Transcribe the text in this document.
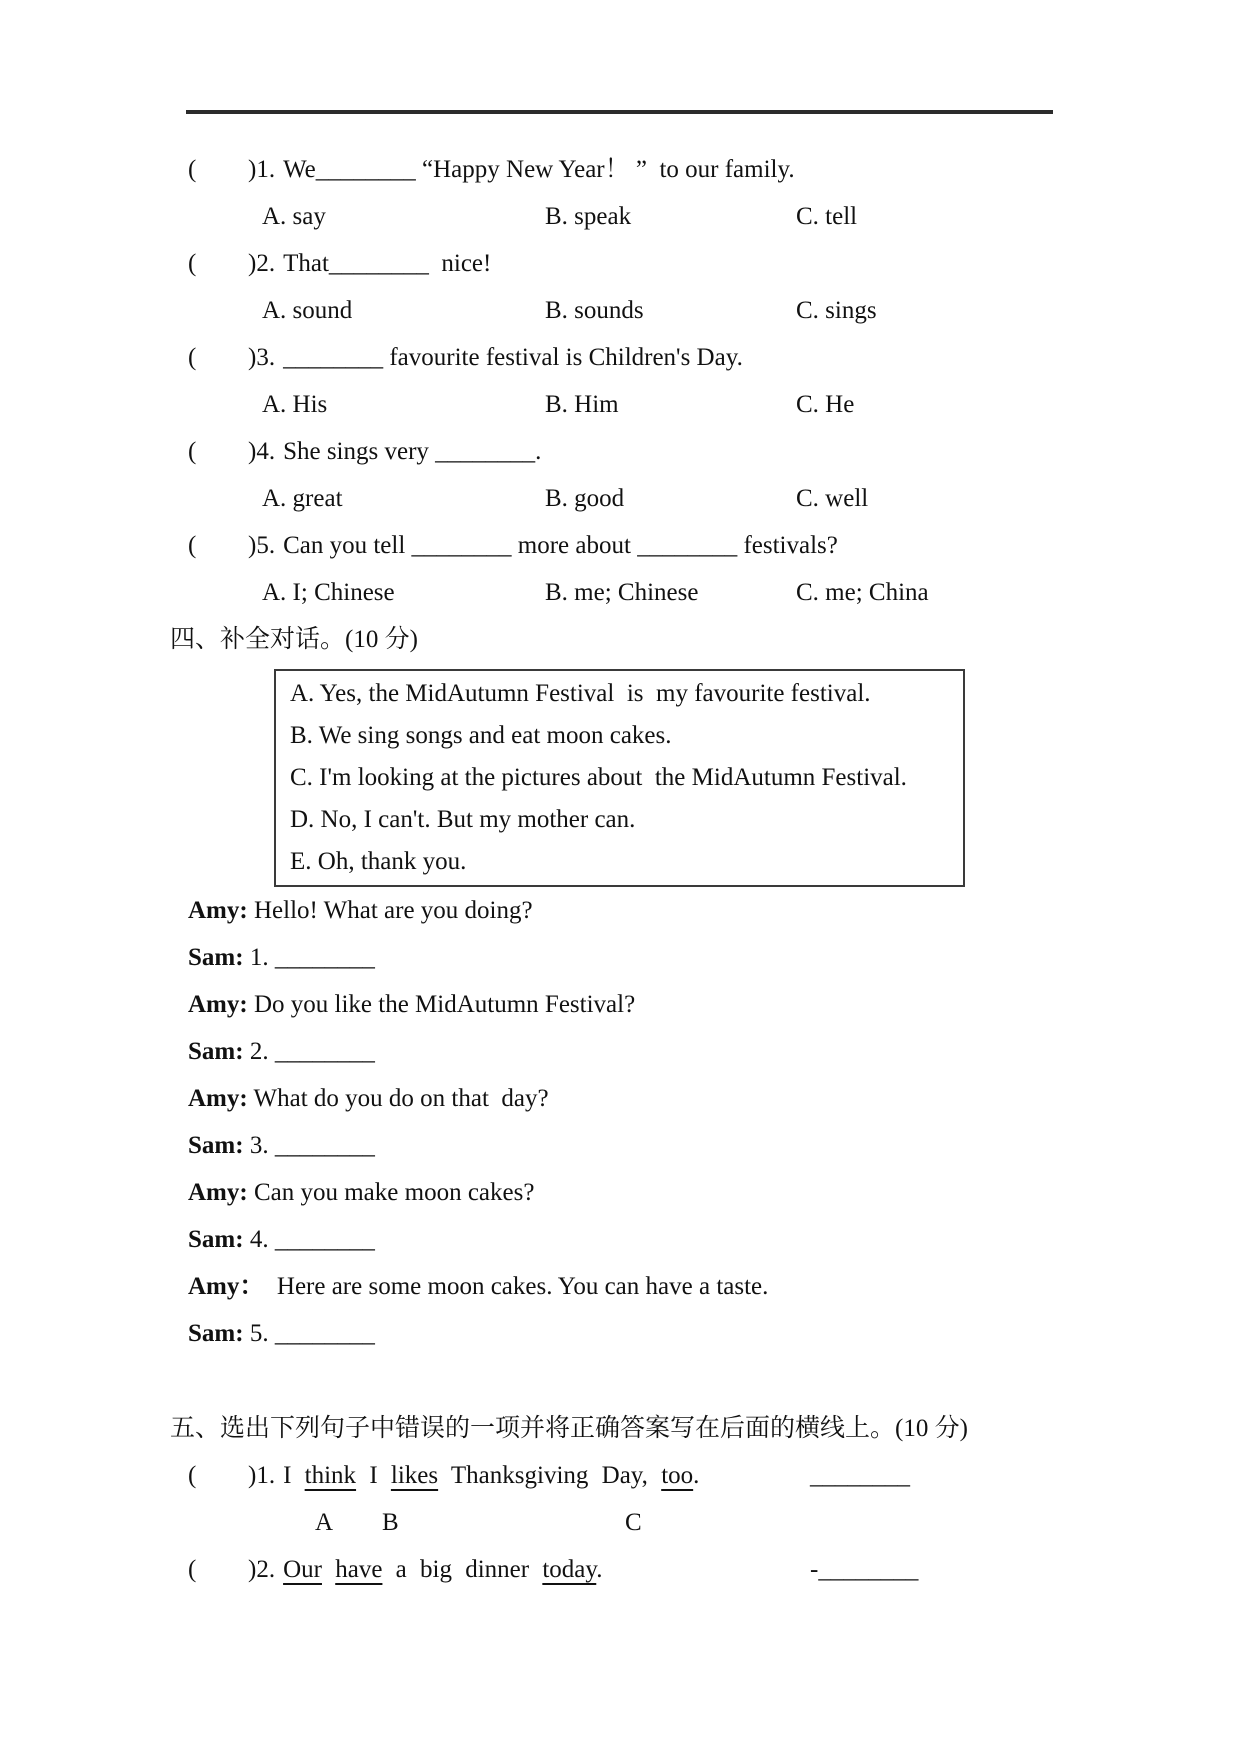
( )1. We________ “Happy New Year！ ”  to our family.
A. say	B. speak	C. tell
( )2. That________  nice!
A. sound	B. sounds	C. sings
( )3. ________ favourite festival is Children's Day.
A. His	B. Him	C. He
( )4. She sings very ________.
A. great	B. good	C. well
( )5. Can you tell ________ more about ________ festivals?
A. I; Chinese	B. me; Chinese	C. me; China
四、补全对话。(10 分)
A. Yes, the MidAutumn Festival  is  my favourite festival.
B. We sing songs and eat moon cakes.
C. I'm looking at the pictures about  the MidAutumn Festival.
D. No, I can't. But my mother can.
E. Oh, thank you.
Amy: Hello! What are you doing?
Sam: 1. ________
Amy: Do you like the MidAutumn Festival?
Sam: 2. ________
Amy: What do you do on that  day?
Sam: 3. ________
Amy: Can you make moon cakes?
Sam: 4. ________
Amy：  Here are some moon cakes. You can have a taste.
Sam: 5. ________
五、选出下列句子中错误的一项并将正确答案写在后面的横线上。(10 分)
( )1. I think I likes Thanksgiving Day, too.	________
A B	C
( )2. Our have a big dinner today.	-________
